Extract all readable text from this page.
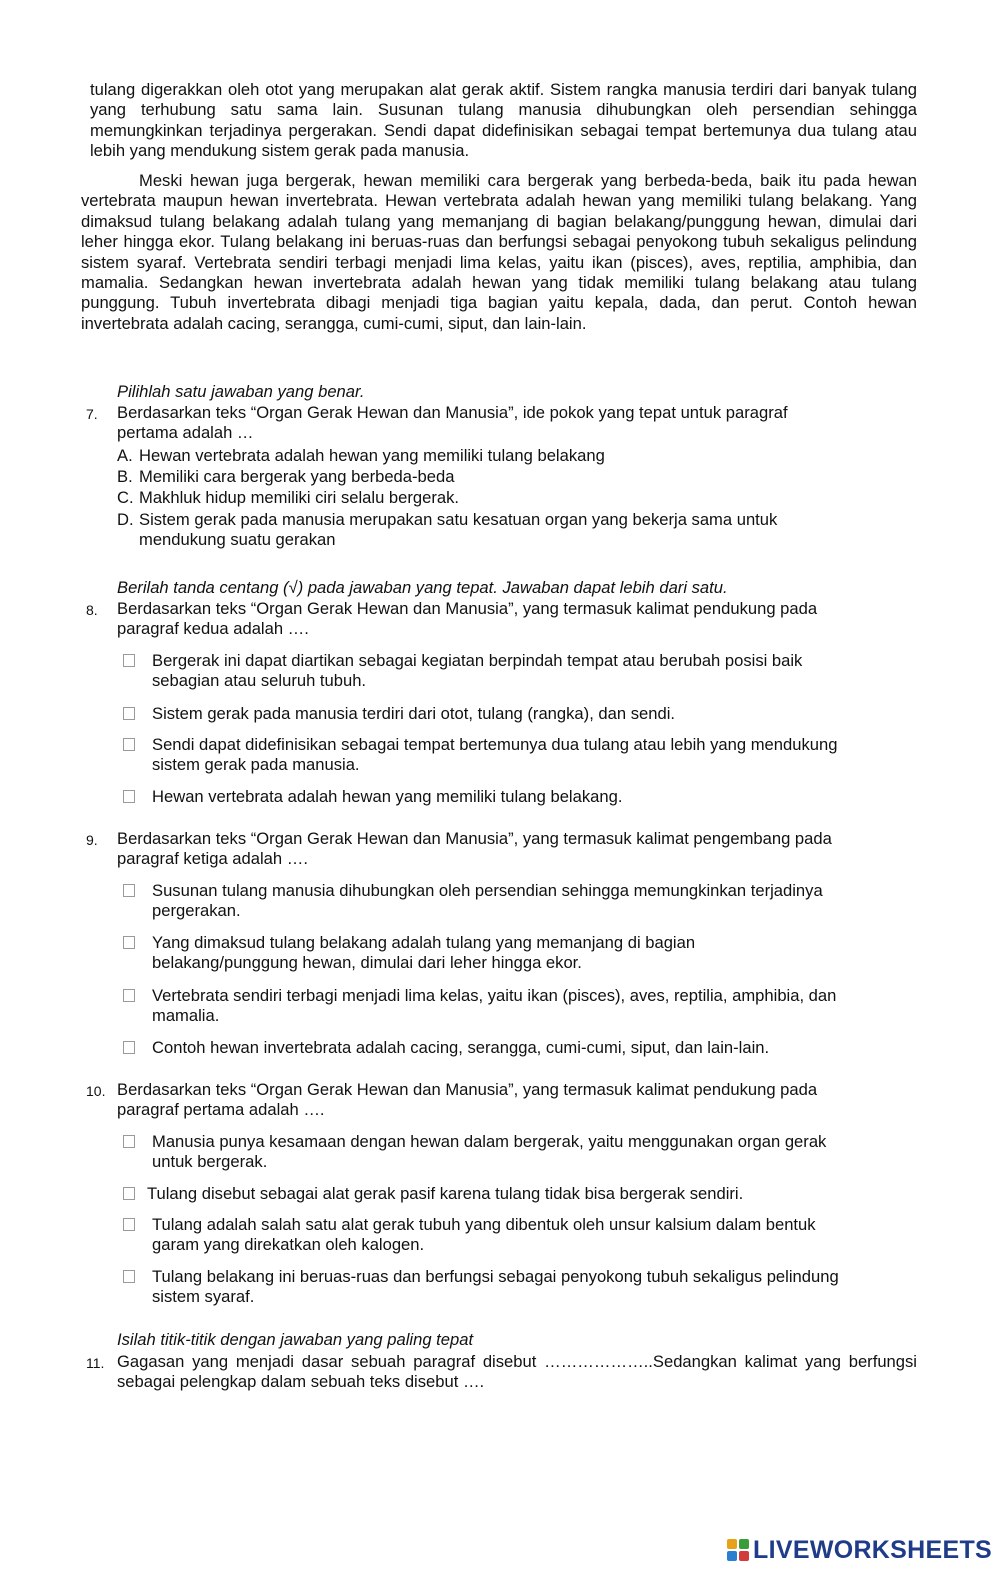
tulang digerakkan oleh otot yang merupakan alat gerak aktif. Sistem rangka manusia terdiri dari banyak tulang yang terhubung satu sama lain. Susunan tulang manusia dihubungkan oleh persendian sehingga memungkinkan terjadinya pergerakan. Sendi dapat didefinisikan sebagai tempat bertemunya dua tulang atau lebih yang mendukung sistem gerak pada manusia.

Meski hewan juga bergerak, hewan memiliki cara bergerak yang berbeda-beda, baik itu pada hewan vertebrata maupun hewan invertebrata. Hewan vertebrata adalah hewan yang memiliki tulang belakang. Yang dimaksud tulang belakang adalah tulang yang memanjang di bagian belakang/punggung hewan, dimulai dari leher hingga ekor. Tulang belakang ini beruas-ruas dan berfungsi sebagai penyokong tubuh sekaligus pelindung sistem syaraf. Vertebrata sendiri terbagi menjadi lima kelas, yaitu ikan (pisces), aves, reptilia, amphibia, dan mamalia. Sedangkan hewan invertebrata adalah hewan yang tidak memiliki tulang belakang atau tulang punggung. Tubuh invertebrata dibagi menjadi tiga bagian yaitu kepala, dada, dan perut. Contoh hewan invertebrata adalah cacing, serangga, cumi-cumi, siput, dan lain-lain.

Pilihlah satu jawaban yang benar.

7.	Berdasarkan teks “Organ Gerak Hewan dan Manusia”, ide pokok yang tepat untuk paragraf
pertama adalah …
A. Hewan vertebrata adalah hewan yang memiliki tulang belakang
B. Memiliki cara bergerak yang berbeda-beda
C. Makhluk hidup memiliki ciri selalu bergerak.
D. Sistem gerak pada manusia merupakan satu kesatuan organ yang bekerja sama untuk
mendukung suatu gerakan

Berilah tanda centang (√) pada jawaban yang tepat. Jawaban dapat lebih dari satu.

8.	Berdasarkan teks “Organ Gerak Hewan dan Manusia”, yang termasuk kalimat pendukung pada
paragraf kedua adalah ….
Bergerak ini dapat diartikan sebagai kegiatan berpindah tempat atau berubah posisi baik
sebagian atau seluruh tubuh.
Sistem gerak pada manusia terdiri dari otot, tulang (rangka), dan sendi.
Sendi dapat didefinisikan sebagai tempat bertemunya dua tulang atau lebih yang mendukung
sistem gerak pada manusia.
Hewan vertebrata adalah hewan yang memiliki tulang belakang.
9.	Berdasarkan teks “Organ Gerak Hewan dan Manusia”, yang termasuk kalimat pengembang pada
paragraf ketiga adalah ….
Susunan tulang manusia dihubungkan oleh persendian sehingga memungkinkan terjadinya
pergerakan.
Yang dimaksud tulang belakang adalah tulang yang memanjang di bagian
belakang/punggung hewan, dimulai dari leher hingga ekor.
Vertebrata sendiri terbagi menjadi lima kelas, yaitu ikan (pisces), aves, reptilia, amphibia, dan
mamalia.
Contoh hewan invertebrata adalah cacing, serangga, cumi-cumi, siput, dan lain-lain.
10. Berdasarkan teks “Organ Gerak Hewan dan Manusia”, yang termasuk kalimat pendukung pada
paragraf pertama adalah ….
Manusia punya kesamaan dengan hewan dalam bergerak, yaitu menggunakan organ gerak
untuk bergerak.
Tulang disebut sebagai alat gerak pasif karena tulang tidak bisa bergerak sendiri.
Tulang adalah salah satu alat gerak tubuh yang dibentuk oleh unsur kalsium dalam bentuk
garam yang direkatkan oleh kalogen.
Tulang belakang ini beruas-ruas dan berfungsi sebagai penyokong tubuh sekaligus pelindung
sistem syaraf.

Isilah titik-titik dengan jawaban yang paling tepat

11. Gagasan yang menjadi dasar sebuah paragraf disebut ………………..Sedangkan kalimat yang berfungsi sebagai pelengkap dalam sebuah teks disebut ….
LIVEWORKSHEETS
